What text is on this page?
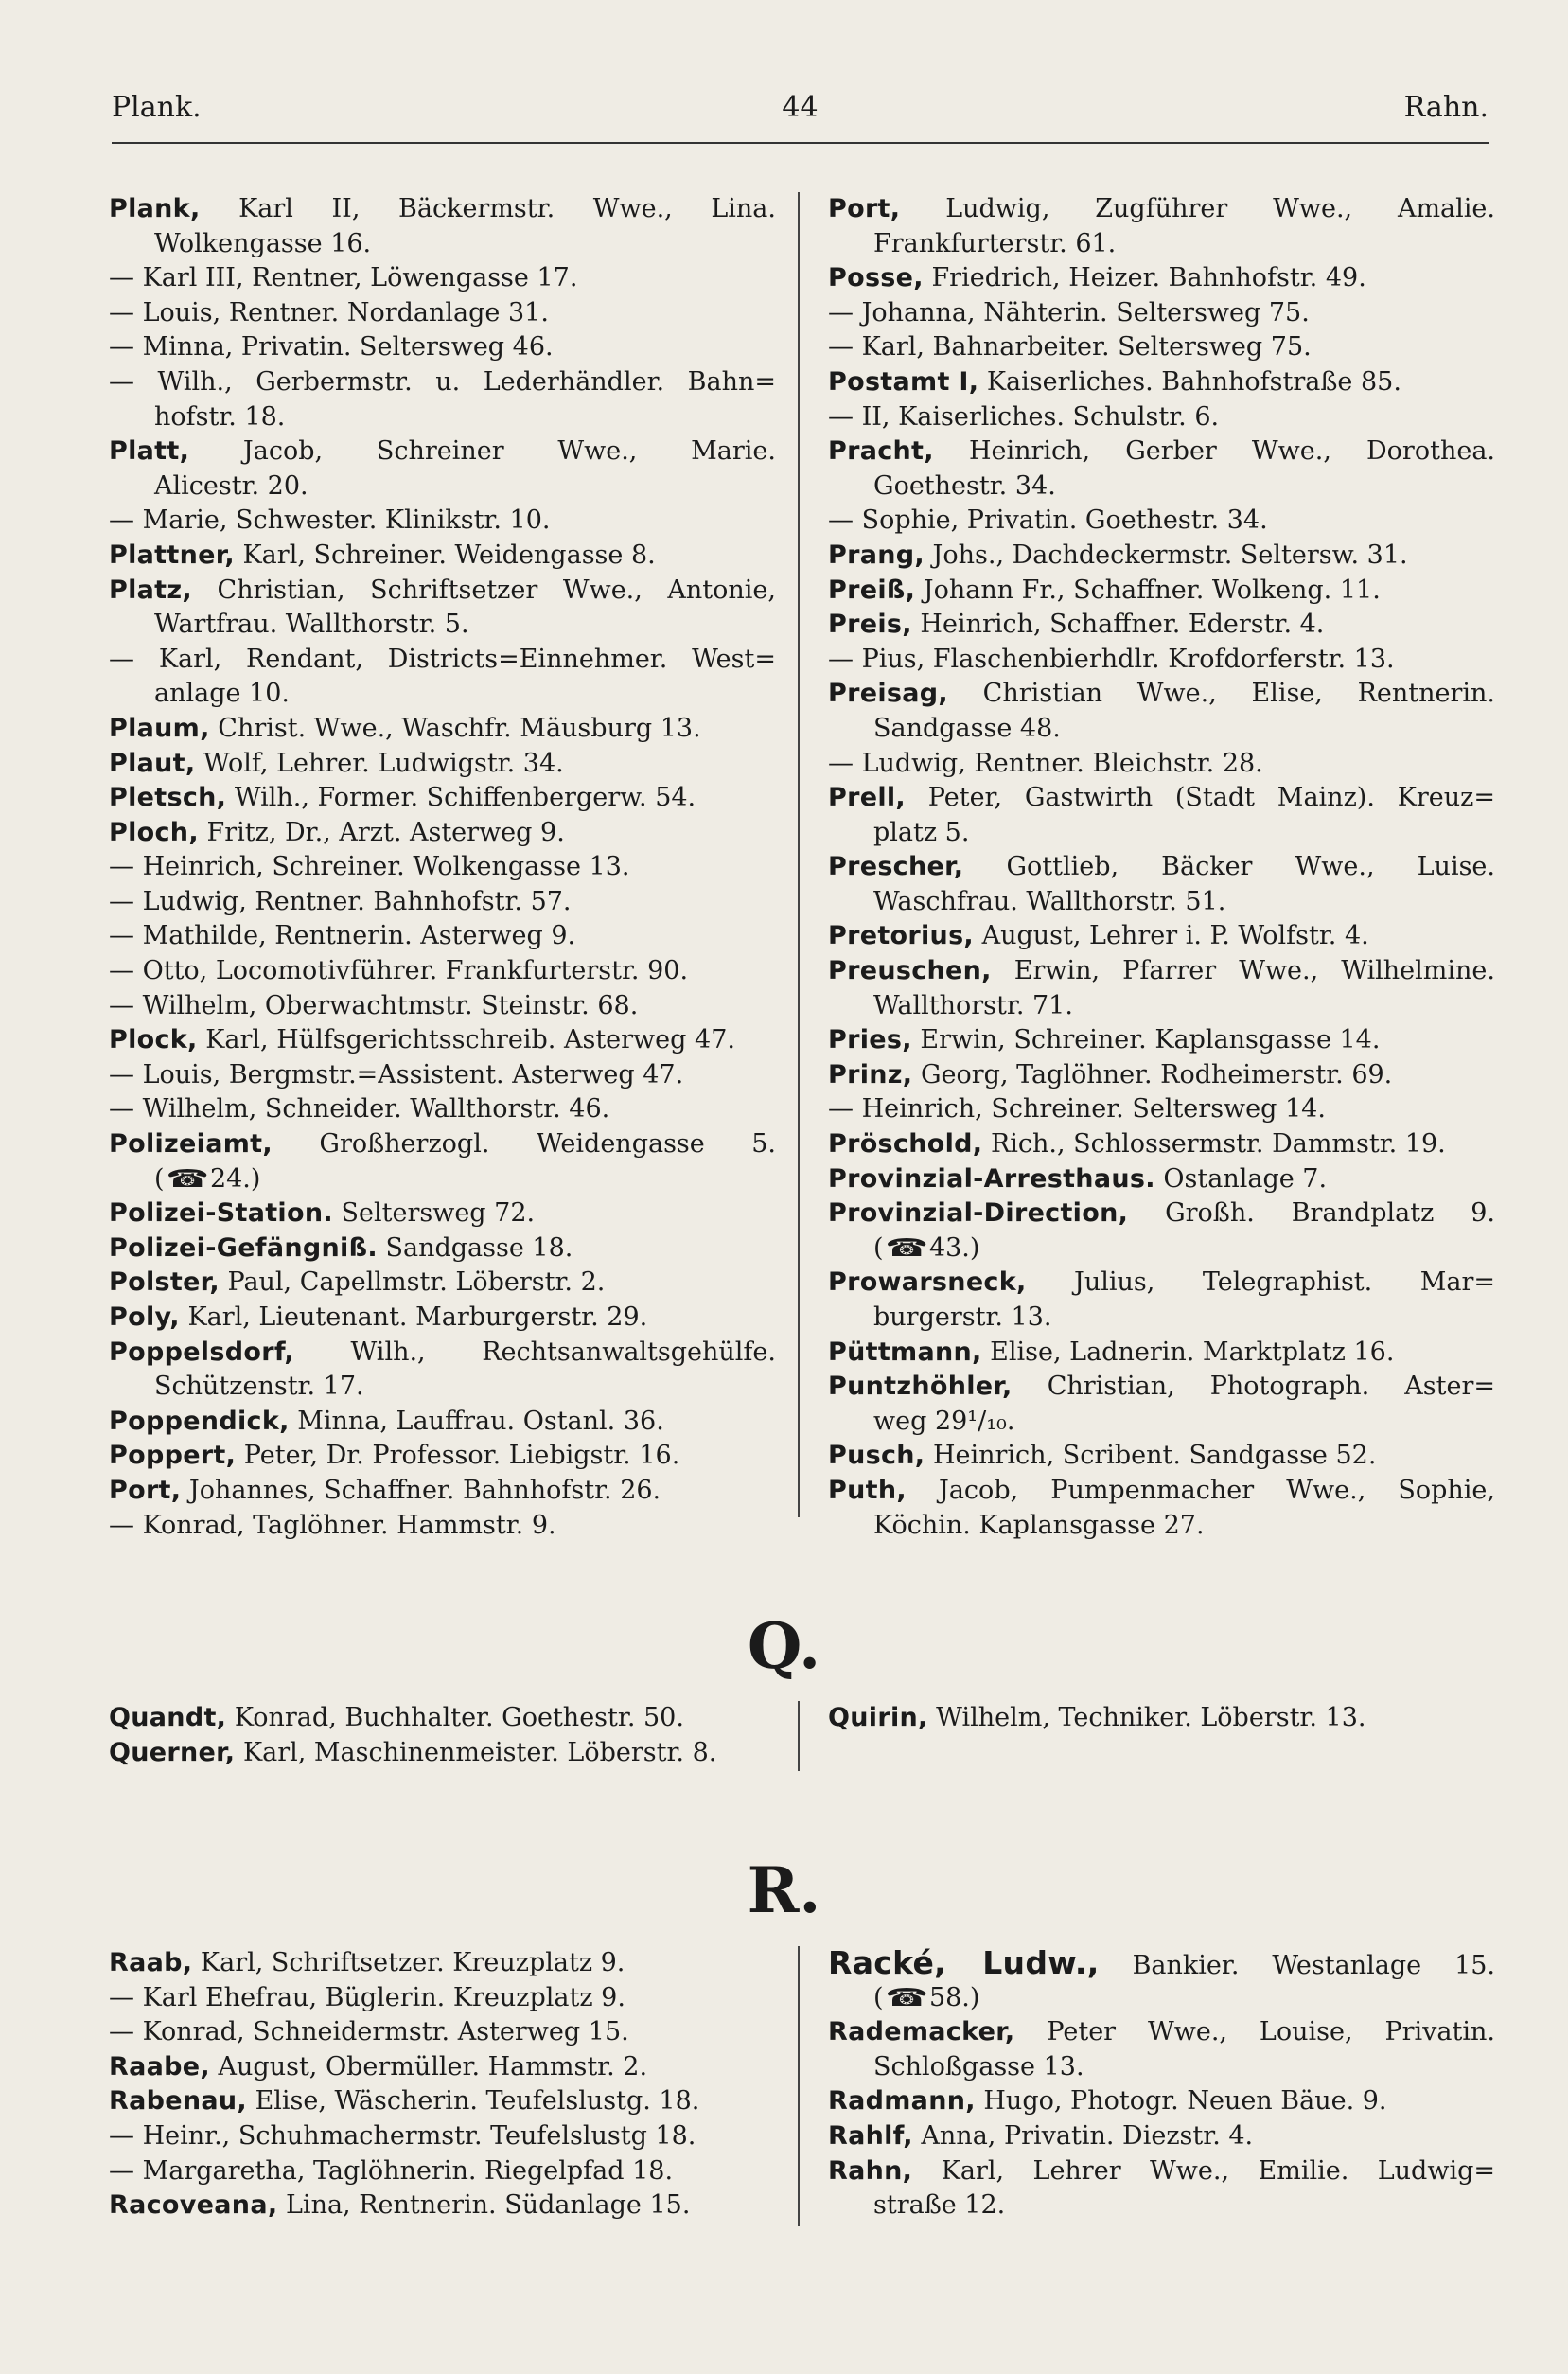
Plank.	44	Rahn.
Plank, Karl II, Bäckermstr. Wwe., Lina.
Wolkengasse 16.
— Karl III, Rentner, Löwengasse 17.
— Louis, Rentner. Nordanlage 31.
— Minna, Privatin. Seltersweg 46.
— Wilh., Gerbermstr. u. Lederhändler. Bahn=
hofstr. 18.
Platt, Jacob, Schreiner Wwe., Marie.
Alicestr. 20.
— Marie, Schwester. Klinikstr. 10.
Plattner, Karl, Schreiner. Weidengasse 8.
Platz, Christian, Schriftsetzer Wwe., Antonie,
Wartfrau. Wallthorstr. 5.
— Karl, Rendant, Districts=Einnehmer. West=
anlage 10.
Plaum, Christ. Wwe., Waschfr. Mäusburg 13.
Plaut, Wolf, Lehrer. Ludwigstr. 34.
Pletsch, Wilh., Former. Schiffenbergerw. 54.
Ploch, Fritz, Dr., Arzt. Asterweg 9.
— Heinrich, Schreiner. Wolkengasse 13.
— Ludwig, Rentner. Bahnhofstr. 57.
— Mathilde, Rentnerin. Asterweg 9.
— Otto, Locomotivführer. Frankfurterstr. 90.
— Wilhelm, Oberwachtmstr. Steinstr. 68.
Plock, Karl, Hülfsgerichtsschreib. Asterweg 47.
— Louis, Bergmstr.=Assistent. Asterweg 47.
— Wilhelm, Schneider. Wallthorstr. 46.
Polizeiamt, Großherzogl. Weidengasse 5.
(☎24.)
Polizei-Station. Seltersweg 72.
Polizei-Gefängniß. Sandgasse 18.
Polster, Paul, Capellmstr. Löberstr. 2.
Poly, Karl, Lieutenant. Marburgerstr. 29.
Poppelsdorf, Wilh., Rechtsanwaltsgehülfe.
Schützenstr. 17.
Poppendick, Minna, Lauffrau. Ostanl. 36.
Poppert, Peter, Dr. Professor. Liebigstr. 16.
Port, Johannes, Schaffner. Bahnhofstr. 26.
— Konrad, Taglöhner. Hammstr. 9.
Port, Ludwig, Zugführer Wwe., Amalie.
Frankfurterstr. 61.
Posse, Friedrich, Heizer. Bahnhofstr. 49.
— Johanna, Nähterin. Seltersweg 75.
— Karl, Bahnarbeiter. Seltersweg 75.
Postamt I, Kaiserliches. Bahnhofstraße 85.
— II, Kaiserliches. Schulstr. 6.
Pracht, Heinrich, Gerber Wwe., Dorothea.
Goethestr. 34.
— Sophie, Privatin. Goethestr. 34.
Prang, Johs., Dachdeckermstr. Seltersw. 31.
Preiß, Johann Fr., Schaffner. Wolkeng. 11.
Preis, Heinrich, Schaffner. Ederstr. 4.
— Pius, Flaschenbierhdlr. Krofdorferstr. 13.
Preisag, Christian Wwe., Elise, Rentnerin.
Sandgasse 48.
— Ludwig, Rentner. Bleichstr. 28.
Prell, Peter, Gastwirth (Stadt Mainz). Kreuz=
platz 5.
Prescher, Gottlieb, Bäcker Wwe., Luise.
Waschfrau. Wallthorstr. 51.
Pretorius, August, Lehrer i. P. Wolfstr. 4.
Preuschen, Erwin, Pfarrer Wwe., Wilhelmine.
Wallthorstr. 71.
Pries, Erwin, Schreiner. Kaplansgasse 14.
Prinz, Georg, Taglöhner. Rodheimerstr. 69.
— Heinrich, Schreiner. Seltersweg 14.
Pröschold, Rich., Schlossermstr. Dammstr. 19.
Provinzial-Arresthaus. Ostanlage 7.
Provinzial-Direction, Großh. Brandplatz 9.
(☎43.)
Prowarsneck, Julius, Telegraphist. Mar=
burgerstr. 13.
Püttmann, Elise, Ladnerin. Marktplatz 16.
Puntzhöhler, Christian, Photograph. Aster=
weg 29¹/₁₀.
Pusch, Heinrich, Scribent. Sandgasse 52.
Puth, Jacob, Pumpenmacher Wwe., Sophie,
Köchin. Kaplansgasse 27.
Q.
Quandt, Konrad, Buchhalter. Goethestr. 50.
Querner, Karl, Maschinenmeister. Löberstr. 8.
Quirin, Wilhelm, Techniker. Löberstr. 13.
R.
Raab, Karl, Schriftsetzer. Kreuzplatz 9.
— Karl Ehefrau, Büglerin. Kreuzplatz 9.
— Konrad, Schneidermstr. Asterweg 15.
Raabe, August, Obermüller. Hammstr. 2.
Rabenau, Elise, Wäscherin. Teufelslustg. 18.
— Heinr., Schuhmachermstr. Teufelslustg 18.
— Margaretha, Taglöhnerin. Riegelpfad 18.
Racoveana, Lina, Rentnerin. Südanlage 15.
Racké, Ludw., Bankier. Westanlage 15.
(☎58.)
Rademacker, Peter Wwe., Louise, Privatin.
Schloßgasse 13.
Radmann, Hugo, Photogr. Neuen Bäue. 9.
Rahlf, Anna, Privatin. Diezstr. 4.
Rahn, Karl, Lehrer Wwe., Emilie. Ludwig=
straße 12.
